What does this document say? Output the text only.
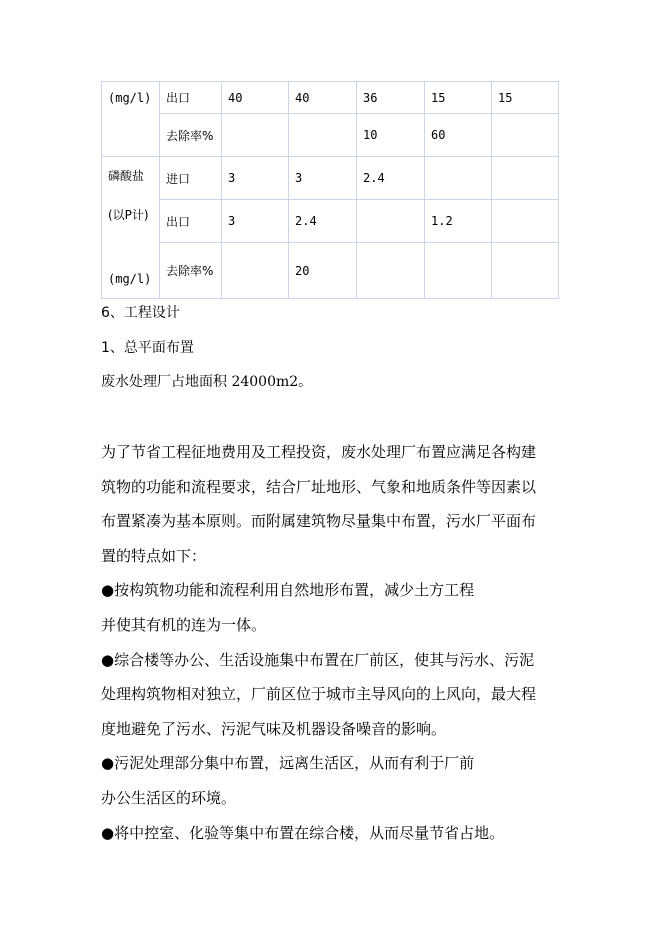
(mg/l)	出口	40	40	36	15	15
	去除率%			10	60	

磷酸盐
(以P计)
(mg/l)	进口	3	3	2.4		
	出口	3	2.4		1.2	
	去除率%		20			
6、工程设计
1、总平面布置
废水处理厂占地面积 24000m2。
为了节省工程征地费用及工程投资，废水处理厂布置应满足各构建
筑物的功能和流程要求，结合厂址地形、气象和地质条件等因素以
布置紧凑为基本原则。而附属建筑物尽量集中布置，污水厂平面布
置的特点如下：
●按构筑物功能和流程利用自然地形布置，减少土方工程
并使其有机的连为一体。
●综合楼等办公、生活设施集中布置在厂前区，使其与污水、污泥
处理构筑物相对独立，厂前区位于城市主导风向的上风向，最大程
度地避免了污水、污泥气味及机器设备噪音的影响。
●污泥处理部分集中布置，远离生活区，从而有利于厂前
办公生活区的环境。
●将中控室、化验等集中布置在综合楼，从而尽量节省占地。
